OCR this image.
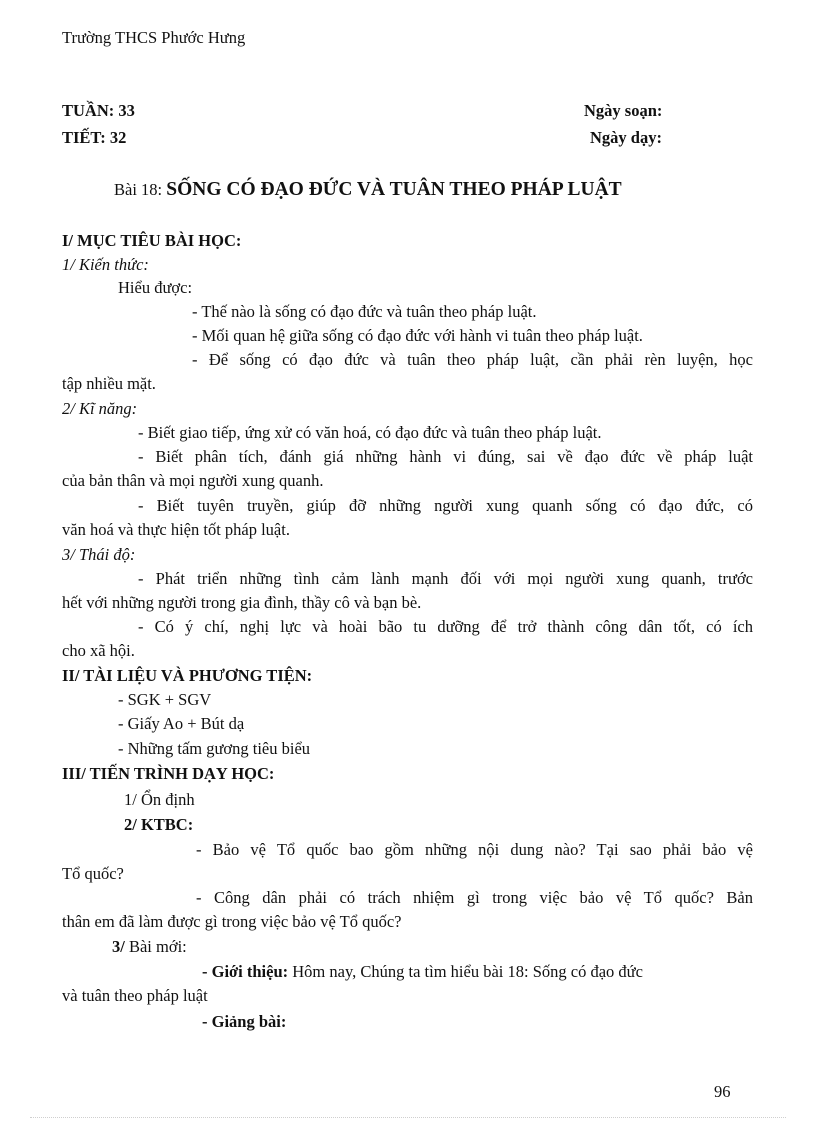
Trường THCS Phước Hưng
TUẦN: 33	Ngày soạn:
TIẾT: 32	Ngày dạy:
Bài 18: SỐNG CÓ ĐẠO ĐỨC VÀ TUÂN THEO PHÁP LUẬT
I/ MỤC TIÊU BÀI HỌC:
1/ Kiến thức:
Hiểu được:
- Thế nào là sống có đạo đức và tuân theo pháp luật.
- Mối quan hệ giữa sống có đạo đức với hành vi tuân theo pháp luật.
- Để sống có đạo đức và tuân theo pháp luật, cần phải rèn luyện, học
tập nhiều mặt.
2/ Kĩ năng:
- Biết giao tiếp, ứng xử có văn hoá, có đạo đức và tuân theo pháp luật.
- Biết phân tích, đánh giá những hành vi đúng, sai về đạo đức về pháp luật
của bản thân và mọi người xung quanh.
- Biết tuyên truyền, giúp đỡ những người xung quanh sống có đạo đức, có
văn hoá và thực hiện tốt pháp luật.
3/ Thái độ:
- Phát triển những tình cảm lành mạnh đối với mọi người xung quanh, trước
hết với những người trong gia đình, thầy cô và bạn bè.
- Có ý chí, nghị lực và hoài bão tu dưỡng để trở thành công dân tốt, có ích
cho xã hội.
II/ TÀI LIỆU VÀ PHƯƠNG TIỆN:
- SGK + SGV
- Giấy Ao + Bút dạ
- Những tấm gương tiêu biểu
III/ TIẾN TRÌNH DẠY HỌC:
1/ Ổn định
2/ KTBC:
- Bảo vệ Tổ quốc bao gồm những nội dung nào? Tại sao phải bảo vệ
Tổ quốc?
- Công dân phải có trách nhiệm gì trong việc bảo vệ Tổ quốc? Bản
thân em đã làm được gì trong việc bảo vệ Tổ quốc?
3/ Bài mới:
- Giới thiệu: Hôm nay, Chúng ta tìm hiểu bài 18: Sống có đạo đức
và tuân theo pháp luật
- Giảng bài:
96
